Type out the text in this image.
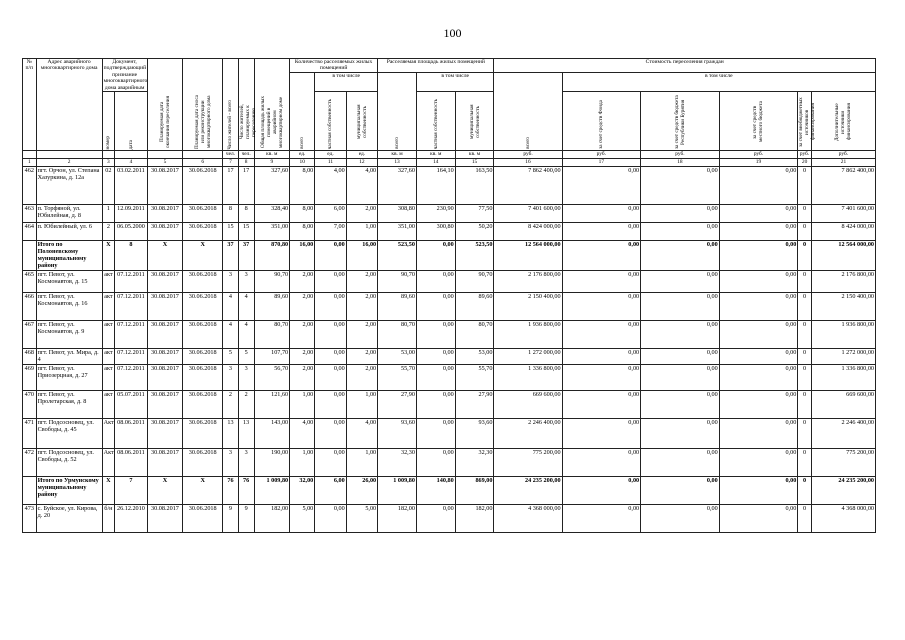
100
№ п/п	Адрес аварийного многоквартирного дома	Документ, подтверждающий признание многоквартирного дома аварийным		Планируемая дата окончания переселения	Планируемая дата сноса или реконструкции многоквартирного дома	Число жителей - всего	Число жителей, планируемых к переселению	Общая площадь жилых помещений в аварийном многоквартирном доме	Количество расселяемых жилых помещений			Расселяемая площадь жилых помещений			Стоимость переселения граждан					

									всего	в том числе		всего	в том числе		всего	в том числе				

		номер	дата							частная собственность	муниципальная собственность		частная собственность	муниципальная собственность		за счет средств Фонда	за счет средств бюджета Республики Бурятия	за счет средств местного бюджета	за счет внебюджетных источников финансирования	Дополнительные источники финансирования

						чел.	чел.	кв. м	ед.	ед.	ед.	кв. м	кв. м	кв. м	руб.	руб.	руб.	руб.	руб.	руб.
1	2	3	4	5	6	7	8	9	10	11	12	13	14	15	16	17	18	19	20	21
462	пгт. Орчон, ул. Степана Хазуркина, д. 12а	02	03.02.2011	30.08.2017	30.06.2018	17	17	327,60	8,00	4,00	4,00	327,60	164,10	163,50	7 862 400,00	0,00	0,00	0,00	0	7 862 400,00
463	п. Торфяной, ул. Юбилейная, д. 8	1	12.09.2011	30.08.2017	30.06.2018	8	8	328,40	8,00	6,00	2,00	308,80	230,90	77,50	7 401 600,00	0,00	0,00	0,00	0	7 401 600,00
464	п. Юбилейный, ул. 6	2	06.05.2000	30.08.2017	30.06.2018	15	15	351,00	8,00	7,00	1,00	351,00	300,80	50,20	8 424 000,00	0,00	0,00	0,00	0	8 424 000,00
	Итого по Полоневскому муниципальному району	X	8	X	X	37	37	870,80	16,00	0,00	16,00	523,50	0,00	523,50	12 564 000,00	0,00	0,00	0,00	0	12 564 000,00
465	пгт. Певот, ул. Космонавтов, д. 15	акт	07.12.2011	30.08.2017	30.06.2018	3	3	90,70	2,00	0,00	2,00	90,70	0,00	90,70	2 176 800,00	0,00	0,00	0,00	0	2 176 800,00
466	пгт. Певот, ул. Космонавтов, д. 16	акт	07.12.2011	30.08.2017	30.06.2018	4	4	89,60	2,00	0,00	2,00	89,60	0,00	89,60	2 150 400,00	0,00	0,00	0,00	0	2 150 400,00
467	пгт. Певот, ул. Космонавтов, д. 9	акт	07.12.2011	30.08.2017	30.06.2018	4	4	80,70	2,00	0,00	2,00	80,70	0,00	80,70	1 936 800,00	0,00	0,00	0,00	0	1 936 800,00
468	пгт. Певот, ул. Мира, д. 4	акт	07.12.2011	30.08.2017	30.06.2018	5	5	107,70	2,00	0,00	2,00	53,00	0,00	53,00	1 272 000,00	0,00	0,00	0,00	0	1 272 000,00
469	пгт. Певот, ул. Приозерцная, д. 27	акт	07.12.2011	30.08.2017	30.06.2018	3	3	56,70	2,00	0,00	2,00	55,70	0,00	55,70	1 336 800,00	0,00	0,00	0,00	0	1 336 800,00
470	пгт. Певот, ул. Пролетарская, д. 8	акт	05.07.2011	30.08.2017	30.06.2018	2	2	121,60	1,00	0,00	1,00	27,90	0,00	27,90	669 600,00	0,00	0,00	0,00	0	669 600,00
471	пгт. Подсосновец, ул. Свободы, д. 45	Акт	08.06.2011	30.08.2017	30.06.2018	13	13	143,00	4,00	0,00	4,00	93,60	0,00	93,60	2 246 400,00	0,00	0,00	0,00	0	2 246 400,00
472	пгт. Подсосновец, ул. Свободы, д. 52	Акт	08.06.2011	30.08.2017	30.06.2018	3	3	190,00	1,00	0,00	1,00	32,30	0,00	32,30	775 200,00	0,00	0,00	0,00	0	775 200,00
	Итого по Урмунскому муниципальному району	X	7	X	X	76	76	1 009,80	32,00	6,00	26,00	1 009,80	140,80	869,00	24 235 200,00	0,00	0,00	0,00	0	24 235 200,00
473	с. Буйское, ул. Кирова, д. 20	б/н	26.12.2010	30.08.2017	30.06.2018	9	9	182,00	5,00	0,00	5,00	182,00	0,00	182,00	4 368 000,00	0,00	0,00	0,00	0	4 368 000,00
